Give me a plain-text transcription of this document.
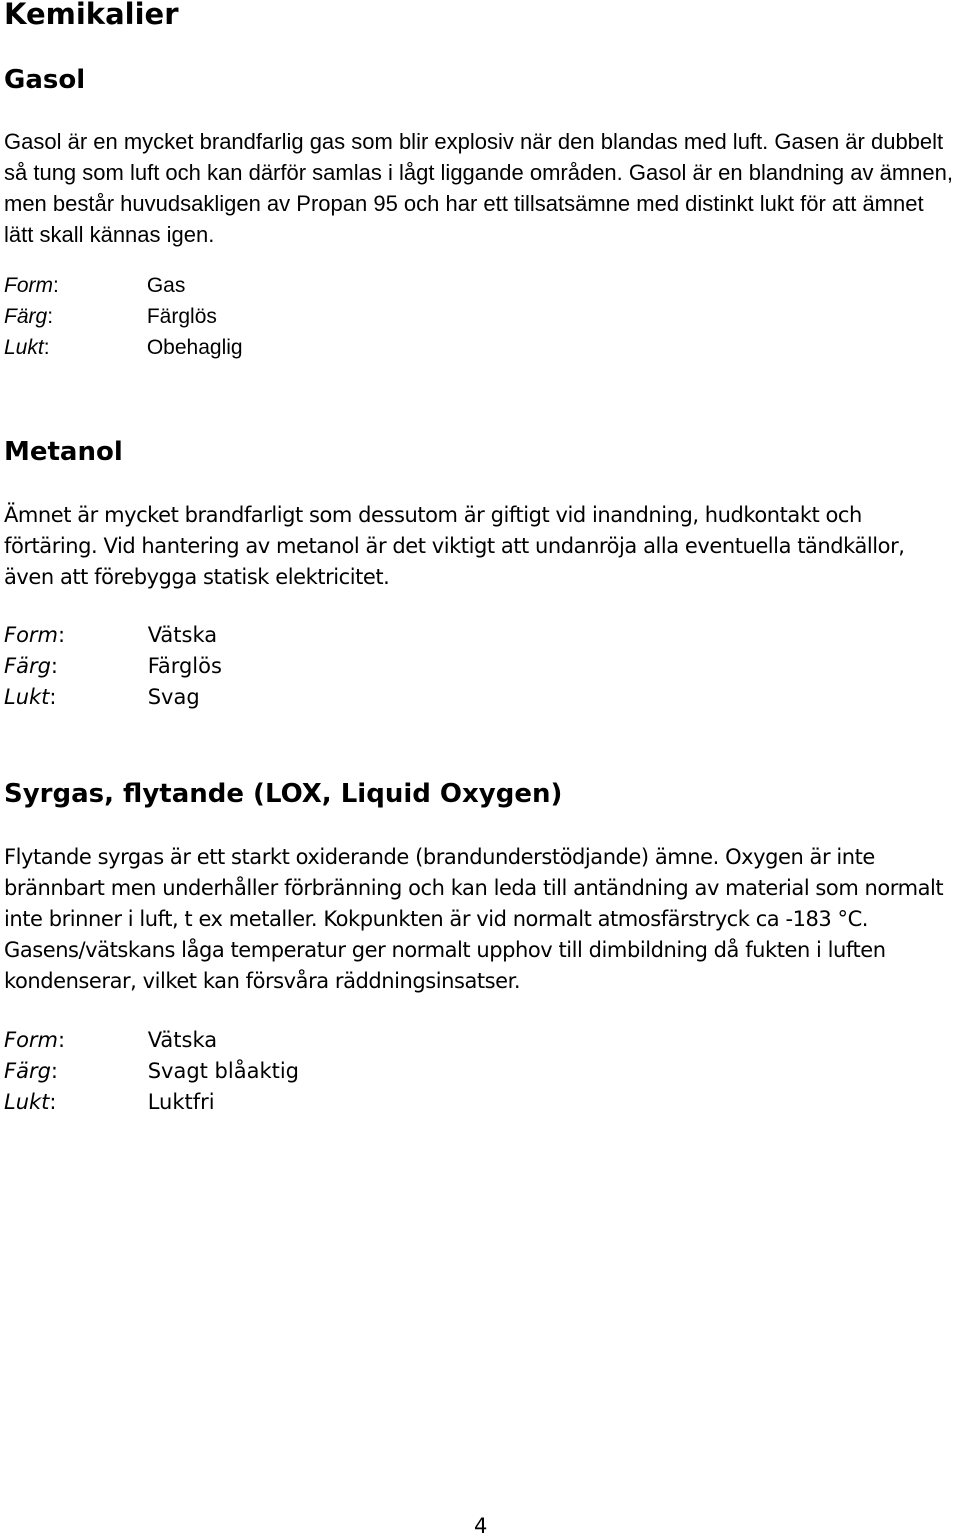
Kemikalier
Gasol

Gasol är en mycket brandfarlig gas som blir explosiv när den blandas med luft. Gasen är dubbelt så tung som luft och kan därför samlas i lågt liggande områden. Gasol är en blandning av ämnen, men består huvudsakligen av Propan 95 och har ett tillsatsämne med distinkt lukt för att ämnet lätt skall kännas igen.

Form:	Gas
Färg:	Färglös
Lukt:	Obehaglig
Metanol

Ämnet är mycket brandfarligt som dessutom är giftigt vid inandning, hudkontakt och förtäring. Vid hantering av metanol är det viktigt att undanröja alla eventuella tändkällor, även att förebygga statisk elektricitet.

Form:	Vätska
Färg:	Färglös
Lukt:	Svag
Syrgas, flytande (LOX, Liquid Oxygen)

Flytande syrgas är ett starkt oxiderande (brandunderstödjande) ämne. Oxygen är inte brännbart men underhåller förbränning och kan leda till antändning av material som normalt inte brinner i luft, t ex metaller. Kokpunkten är vid normalt atmosfärstryck ca -183 °C. Gasens/vätskans låga temperatur ger normalt upphov till dimbildning då fukten i luften kondenserar, vilket kan försvåra räddningsinsatser.

Form:	Vätska
Färg:	Svagt blåaktig
Lukt:	Luktfri
4
